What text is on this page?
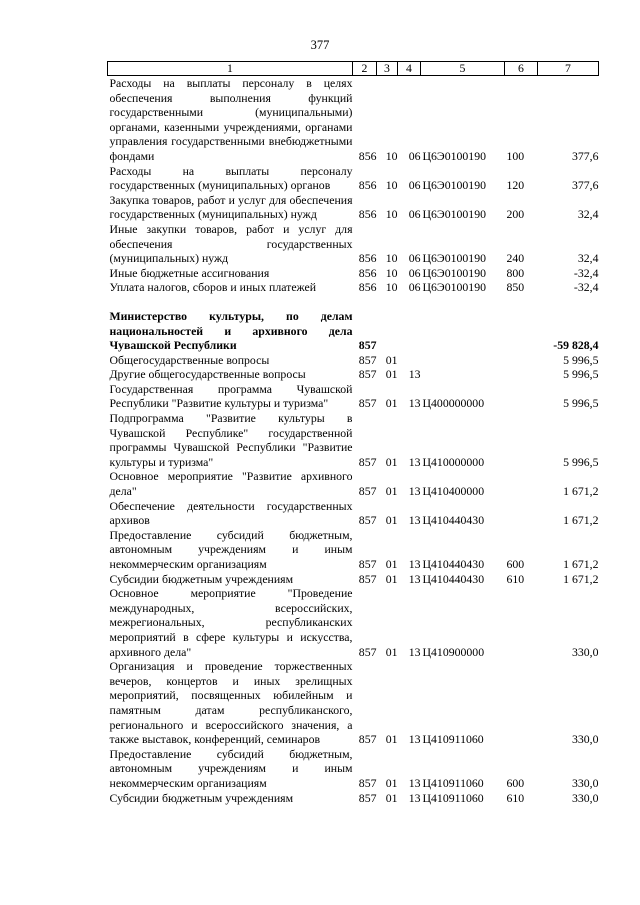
377
1	2	3	4	5	6	7
Расходы на выплаты персоналу в целях обеспечения выполнения функций государственными (муниципальными) органами, казенными учреждениями, органами управления государственными внебюджетными фондами	856	10	06	Ц6Э0100190	100	377,6
Расходы на выплаты персоналу государственных (муниципальных) органов	856	10	06	Ц6Э0100190	120	377,6
Закупка товаров, работ и услуг для обеспечения государственных (муниципальных) нужд	856	10	06	Ц6Э0100190	200	32,4
Иные закупки товаров, работ и услуг для обеспечения государственных (муниципальных) нужд	856	10	06	Ц6Э0100190	240	32,4
Иные бюджетные ассигнования	856	10	06	Ц6Э0100190	800	-32,4
Уплата налогов, сборов и иных платежей	856	10	06	Ц6Э0100190	850	-32,4

Министерство культуры, по делам национальностей и архивного дела Чувашской Республики	857					-59 828,4
Общегосударственные вопросы	857	01				5 996,5
Другие общегосударственные вопросы	857	01	13			5 996,5
Государственная программа Чувашской Республики "Развитие культуры и туризма"	857	01	13	Ц400000000		5 996,5
Подпрограмма "Развитие культуры в Чувашской Республике" государственной программы Чувашской Республики "Развитие культуры и туризма"	857	01	13	Ц410000000		5 996,5
Основное мероприятие "Развитие архивного дела"	857	01	13	Ц410400000		1 671,2
Обеспечение деятельности государственных архивов	857	01	13	Ц410440430		1 671,2
Предоставление субсидий бюджетным, автономным учреждениям и иным некоммерческим организациям	857	01	13	Ц410440430	600	1 671,2
Субсидии бюджетным учреждениям	857	01	13	Ц410440430	610	1 671,2
Основное мероприятие "Проведение международных, всероссийских, межрегиональных, республиканских мероприятий в сфере культуры и искусства, архивного дела"	857	01	13	Ц410900000		330,0
Организация и проведение торжественных вечеров, концертов и иных зрелищных мероприятий, посвященных юбилейным и памятным датам республиканского, регионального и всероссийского значения, а также выставок, конференций, семинаров	857	01	13	Ц410911060		330,0
Предоставление субсидий бюджетным, автономным учреждениям и иным некоммерческим организациям	857	01	13	Ц410911060	600	330,0
Субсидии бюджетным учреждениям	857	01	13	Ц410911060	610	330,0
